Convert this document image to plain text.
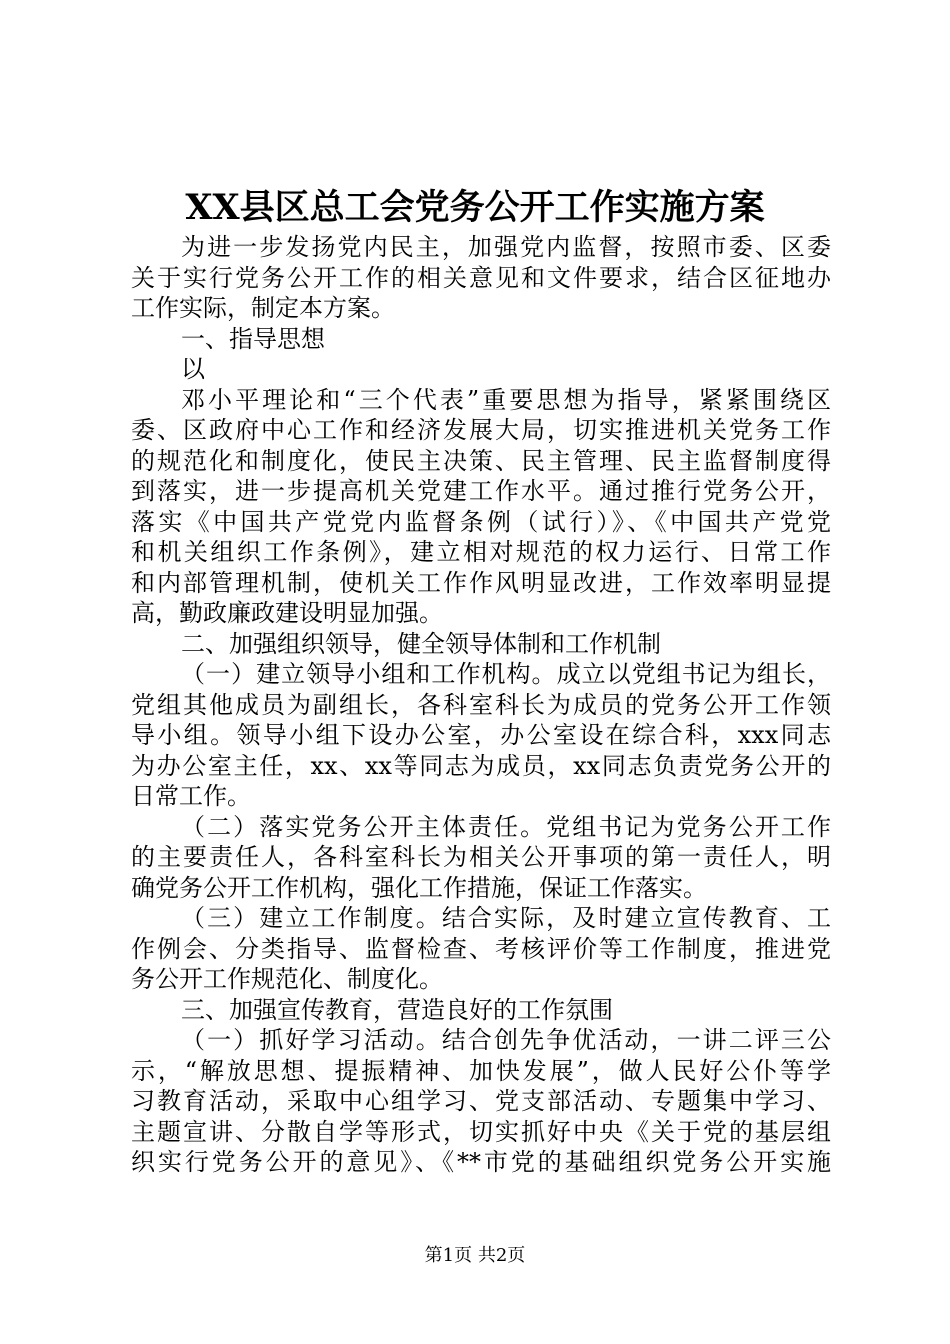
XX县区总工会党务公开工作实施方案
为进一步发扬党内民主，加强党内监督，按照市委、区委
关于实行党务公开工作的相关意见和文件要求，结合区征地办
工作实际，制定本方案。
一、指导思想
以
邓小平理论和“三个代表”重要思想为指导，紧紧围绕区
委、区政府中心工作和经济发展大局，切实推进机关党务工作
的规范化和制度化，使民主决策、民主管理、民主监督制度得
到落实，进一步提高机关党建工作水平。通过推行党务公开，
落实《中国共产党党内监督条例（试行）》、《中国共产党党
和机关组织工作条例》，建立相对规范的权力运行、日常工作
和内部管理机制，使机关工作作风明显改进，工作效率明显提
高，勤政廉政建设明显加强。
二、加强组织领导，健全领导体制和工作机制
（一）建立领导小组和工作机构。成立以党组书记为组长，
党组其他成员为副组长，各科室科长为成员的党务公开工作领
导小组。领导小组下设办公室，办公室设在综合科，xxx同志
为办公室主任，xx、xx等同志为成员，xx同志负责党务公开的
日常工作。
（二）落实党务公开主体责任。党组书记为党务公开工作
的主要责任人，各科室科长为相关公开事项的第一责任人，明
确党务公开工作机构，强化工作措施，保证工作落实。
（三）建立工作制度。结合实际，及时建立宣传教育、工
作例会、分类指导、监督检查、考核评价等工作制度，推进党
务公开工作规范化、制度化。
三、加强宣传教育，营造良好的工作氛围
（一）抓好学习活动。结合创先争优活动，一讲二评三公
示，“解放思想、提振精神、加快发展”，做人民好公仆等学
习教育活动，采取中心组学习、党支部活动、专题集中学习、
主题宣讲、分散自学等形式，切实抓好中央《关于党的基层组
织实行党务公开的意见》、《**市党的基础组织党务公开实施
第1页 共2页
